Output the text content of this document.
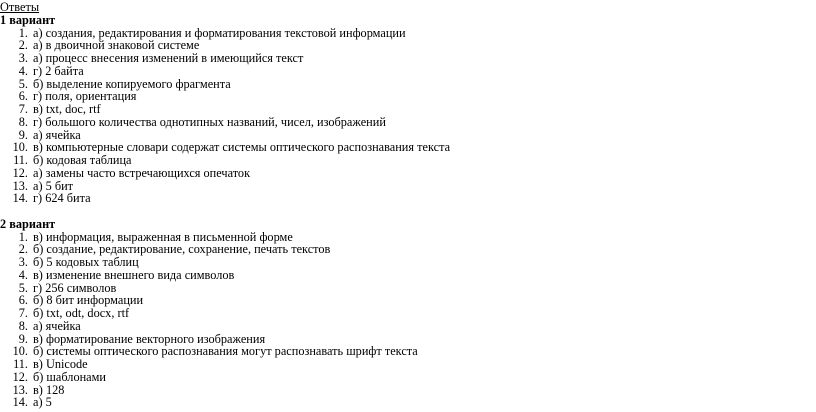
Ответы
1 вариант
1. а) создания, редактирования и форматирования текстовой информации
2. а) в двоичной знаковой системе
3. а) процесс внесения изменений в имеющийся текст
4. г) 2 байта
5. б) выделение копируемого фрагмента
6. г) поля, ориентация
7. в) txt, doc, rtf
8. г) большого количества однотипных названий, чисел, изображений
9. а) ячейка
10. в) компьютерные словари содержат системы оптического распознавания текста
11. б) кодовая таблица
12. а) замены часто встречающихся опечаток
13. а) 5 бит
14. г) 624 бита
2 вариант
1. в) информация, выраженная в письменной форме
2. б) создание, редактирование, сохранение, печать текстов
3. б) 5 кодовых таблиц
4. в) изменение внешнего вида символов
5. г) 256 символов
6. б) 8 бит информации
7. б) txt, odt, docx, rtf
8. а) ячейка
9. в) форматирование векторного изображения
10. б) системы оптического распознавания могут распознавать шрифт текста
11. в) Unicode
12. б) шаблонами
13. в) 128
14. а) 5
